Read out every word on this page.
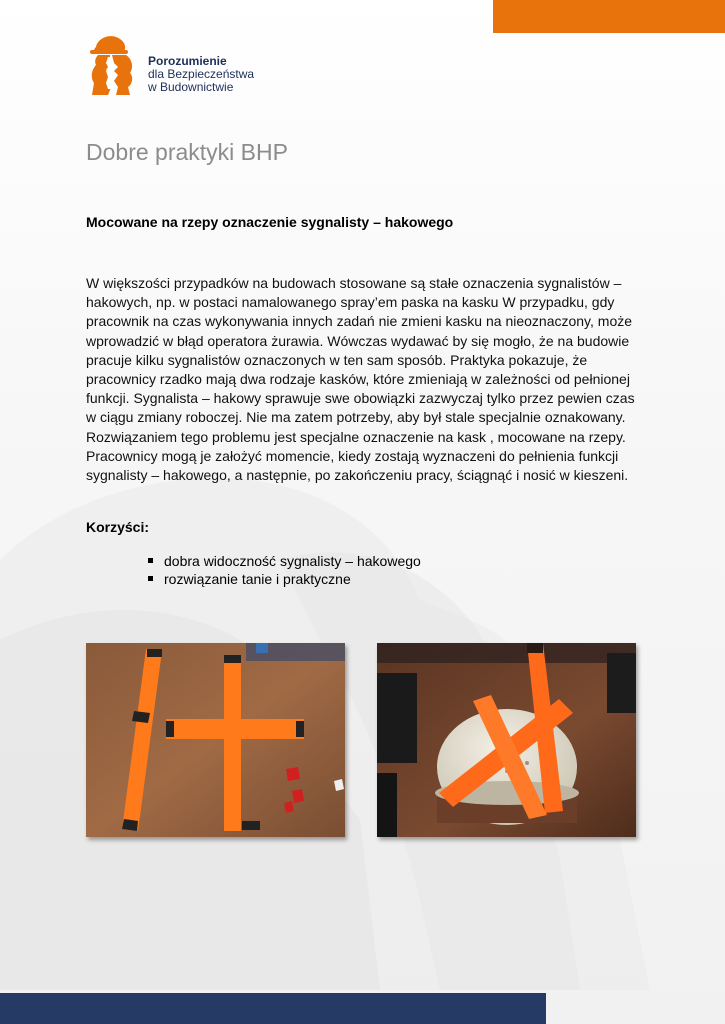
Porozumienie
dla Bezpieczeństwa
w Budownictwie
Dobre praktyki BHP
Mocowane na rzepy oznaczenie sygnalisty – hakowego

W większości przypadków na budowach stosowane są stałe oznaczenia sygnalistów – hakowych, np. w postaci namalowanego spray’em paska na kasku W przypadku, gdy pracownik na czas wykonywania innych zadań nie zmieni kasku na nieoznaczony, może wprowadzić w błąd operatora żurawia. Wówczas wydawać by się mogło, że na budowie pracuje kilku sygnalistów oznaczonych w ten sam sposób. Praktyka pokazuje, że pracownicy rzadko mają dwa rodzaje kasków, które zmieniają w zależności od pełnionej funkcji. Sygnalista – hakowy sprawuje swe obowiązki zazwyczaj tylko przez pewien czas w ciągu zmiany roboczej. Nie ma zatem potrzeby, aby był stale specjalnie oznakowany. Rozwiązaniem tego problemu jest specjalne oznaczenie na kask , mocowane na rzepy. Pracownicy mogą je założyć momencie, kiedy zostają wyznaczeni do pełnienia funkcji sygnalisty – hakowego, a następnie, po zakończeniu pracy, ściągnąć i nosić w kieszeni.

Korzyści:
dobra widoczność sygnalisty – hakowego
rozwiązanie tanie i praktyczne
